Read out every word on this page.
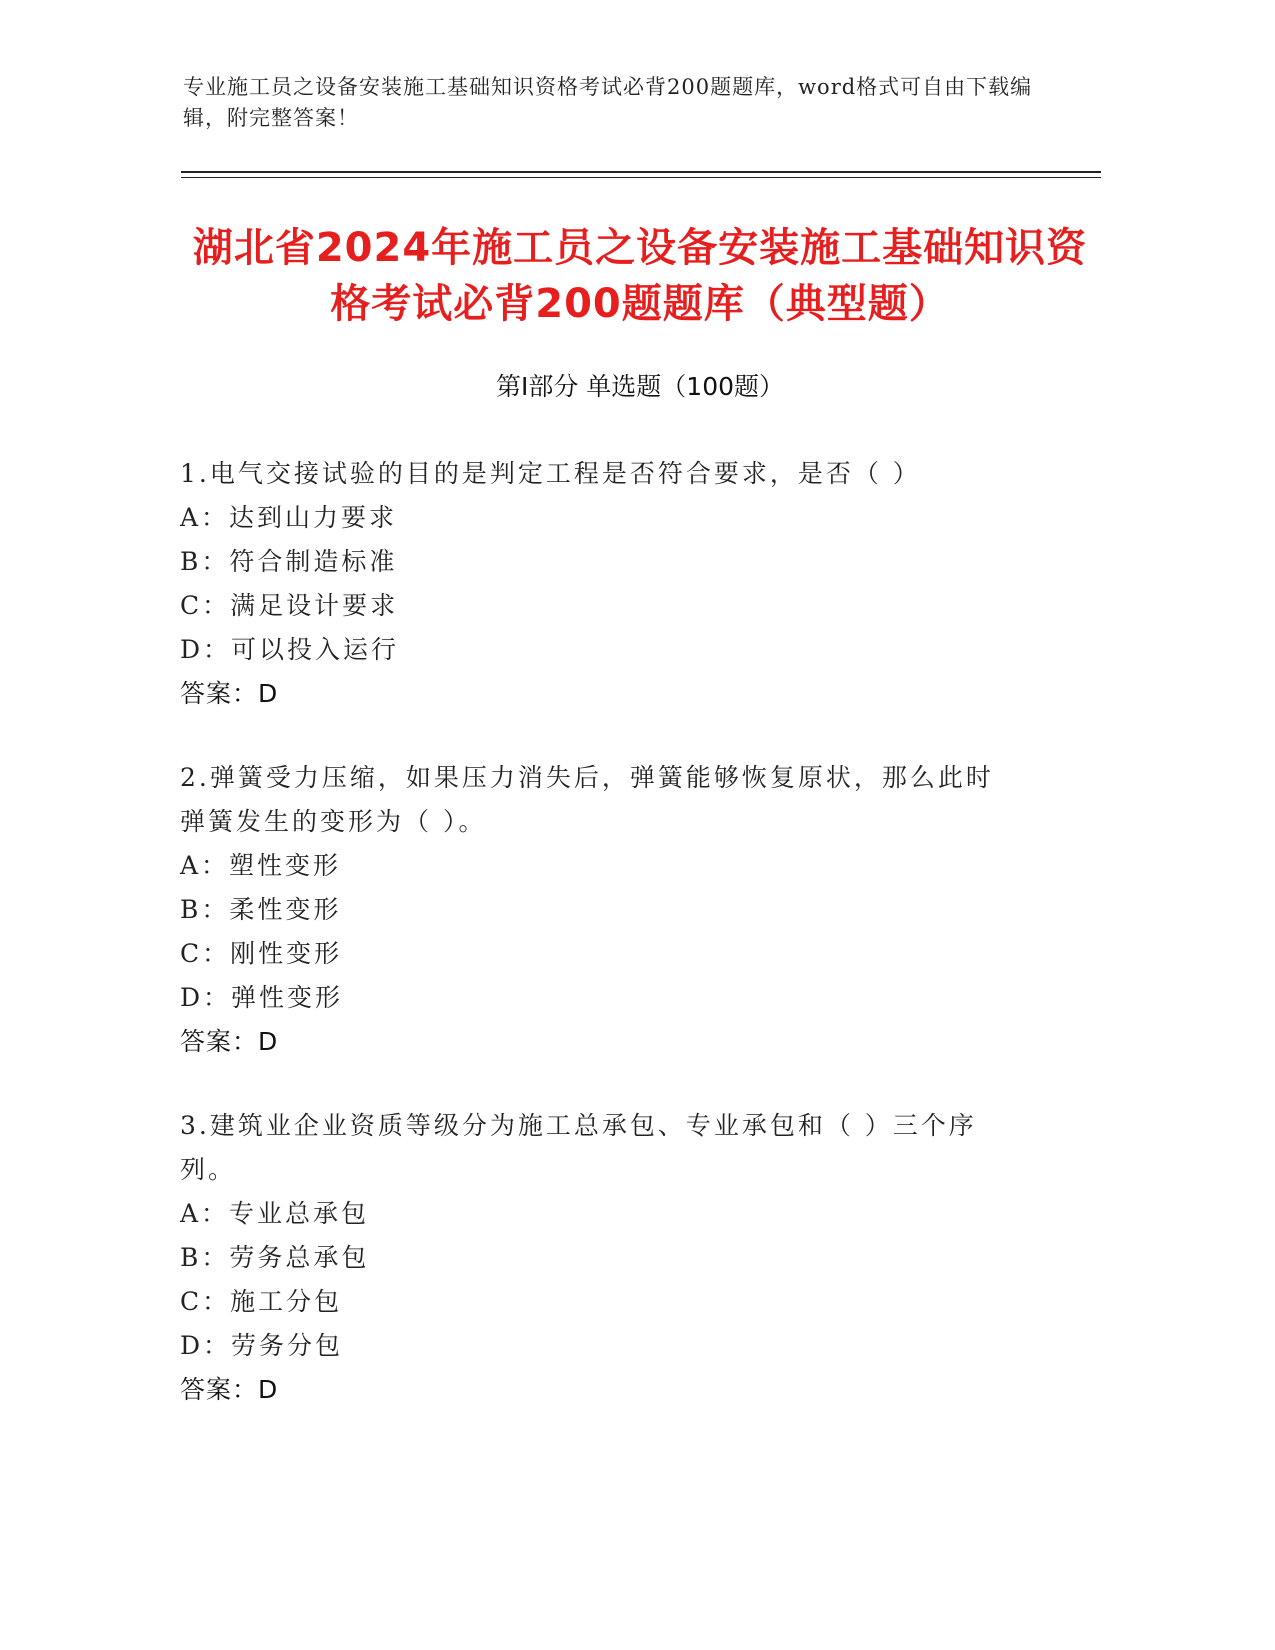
专业施工员之设备安装施工基础知识资格考试必背200题题库，word格式可自由下载编辑，附完整答案！
湖北省2024年施工员之设备安装施工基础知识资格考试必背200题题库（典型题）
第I部分 单选题（100题）
1.电气交接试验的目的是判定工程是否符合要求，是否（ ）
A：达到山力要求
B：符合制造标准
C：满足设计要求
D：可以投入运行
答案：D
2.弹簧受力压缩，如果压力消失后，弹簧能够恢复原状，那么此时弹簧发生的变形为（ ）。
A：塑性变形
B：柔性变形
C：刚性变形
D：弹性变形
答案：D
3.建筑业企业资质等级分为施工总承包、专业承包和（ ）三个序列。
A：专业总承包
B：劳务总承包
C：施工分包
D：劳务分包
答案：D
